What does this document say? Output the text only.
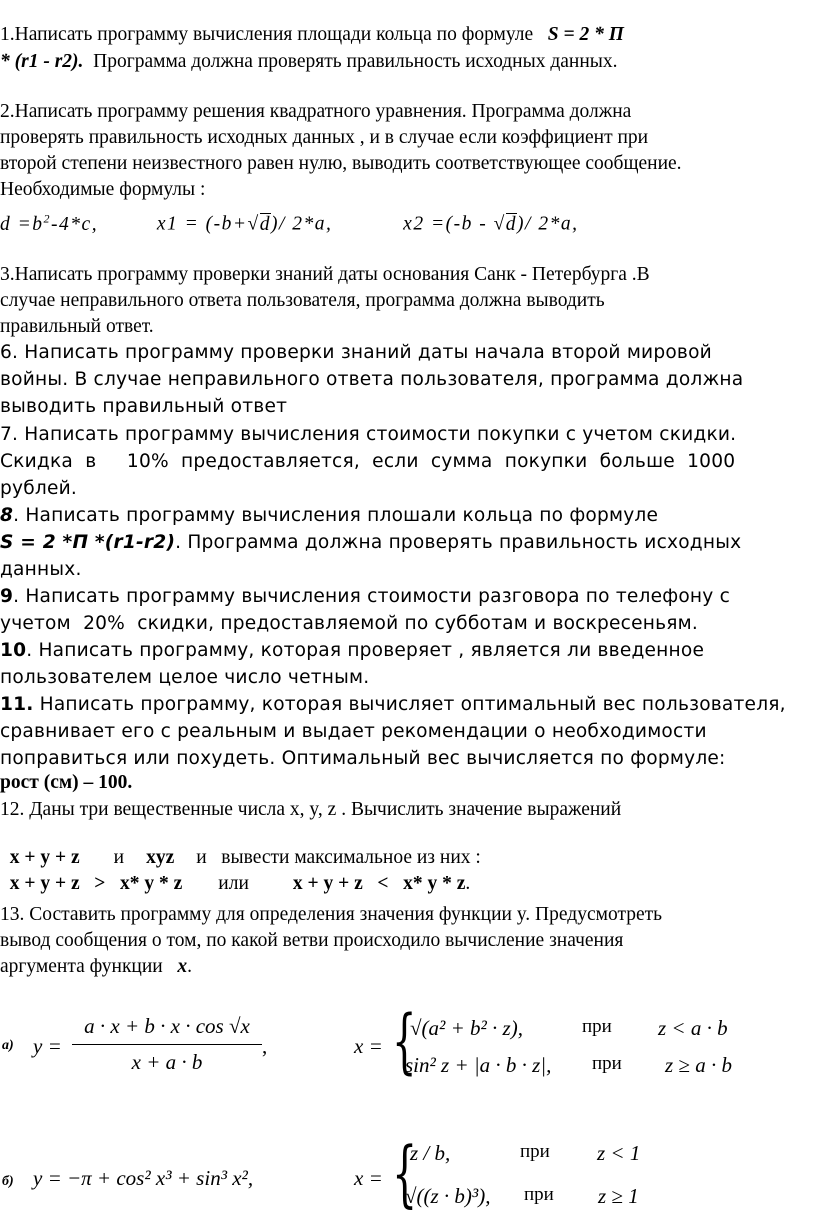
1.Написать программу вычисления площади кольца по формуле S = 2 * П
* (r1 - r2). Программа должна проверять правильность исходных данных.
2.Написать программу решения квадратного уравнения. Программа должна
проверять правильность исходных данных , и в случае если коэффициент при
второй степени неизвестного равен нулю, выводить соответствующее сообщение.
Необходимые формулы :
$d =b^2-4*c$,	x1 = (-b+√d)/ 2*a,	x2 =(-b - √d)/ 2*a,
3.Написать программу проверки знаний даты основания Санк - Петербурга .В
случае неправильного ответа пользователя, программа должна выводить
правильный ответ.
6. Написать программу проверки знаний даты начала второй мировой
войны. В случае неправильного ответа пользователя, программа должна
выводить правильный ответ
7. Написать программу вычисления стоимости покупки с учетом скидки.
Скидка  в     10%  предоставляется,  если  сумма  покупки  больше  1000
рублей.
8. Написать программу вычисления плошали кольца по формуле
S = 2 *П *(r1-r2). Программа должна проверять правильность исходных
данных.
9. Написать программу вычисления стоимости разговора по телефону с
учетом  20%  скидки, предоставляемой по субботам и воскресеньям.
10. Написать программу, которая проверяет , является ли введенное
пользователем целое число четным.
11. Написать программу, которая вычисляет оптимальный вес пользователя,
сравнивает его с реальным и выдает рекомендации о необходимости
поправиться или похудеть. Оптимальный вес вычисляется по формуле:
рост (см) – 100.
12. Даны три вещественные числа x, y, z . Вычислить значение выражений

x + y + z и xyz и   вывести максимальное из них :

x + y + z   >   x* y * z или x + y + z   <   x* y * z.

13. Составить программу для определения значения функции y. Предусмотреть
вывод сообщения о том, по какой ветви происходило вычисление значения
аргумента функции x.
а) y =
a · x + b · x · cos √x
x + a · b
,	x = {
√(a² + b² · z),	при z < a · b
sin² z + |a · b · z|, при z ≥ a · b
б) y = −π + cos² x³ + sin³ x²,	x = {
z / b,	при z < 1
√((z · b)³), при z ≥ 1
